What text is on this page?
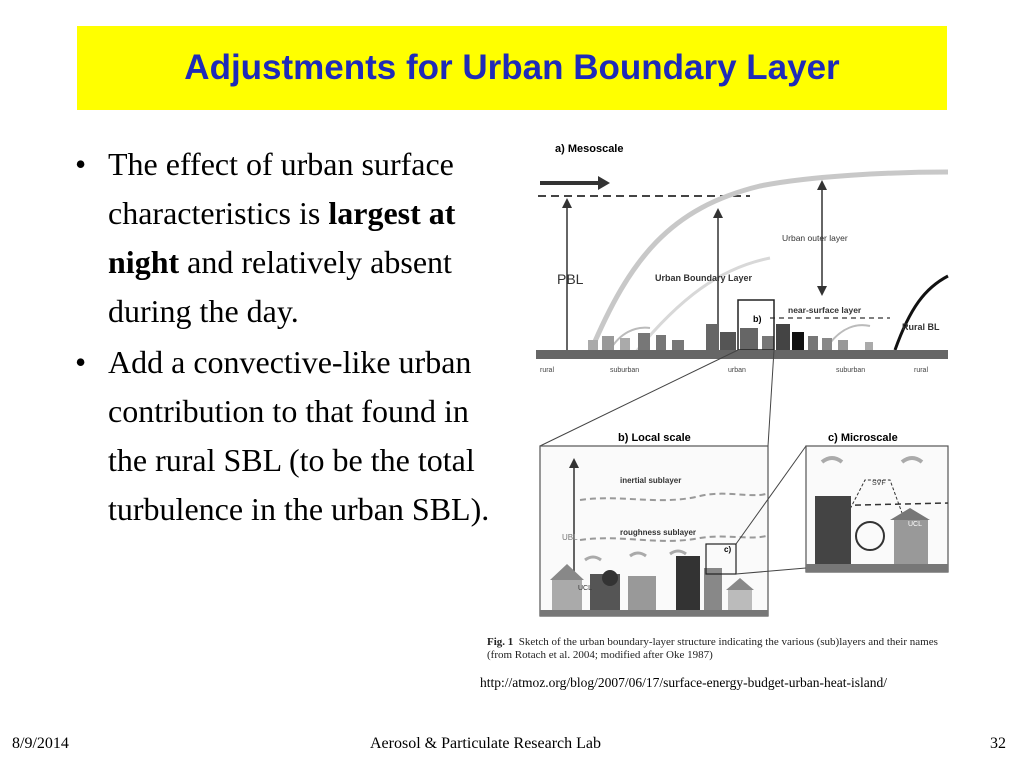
Adjustments for Urban Boundary Layer
• The effect of urban surface characteristics is largest at night and relatively absent during the day.
• Add a convective-like urban contribution to that found in the rural SBL (to be the total turbulence in the urban SBL).
a) Mesoscale
PBL
Urban outer layer
Urban Boundary Layer
near-surface layer
Rural BL
b)
rural	suburban	urban	suburban	rural
b) Local scale
UBL
inertial sublayer
roughness sublayer
UCL
c)
c) Microscale
SVF
UCL
Fig. 1 Sketch of the urban boundary-layer structure indicating the various (sub)layers and their names (from Rotach et al. 2004; modified after Oke 1987)
http://atmoz.org/blog/2007/06/17/surface-energy-budget-urban-heat-island/
8/9/2014	Aerosol & Particulate Research Lab	32
